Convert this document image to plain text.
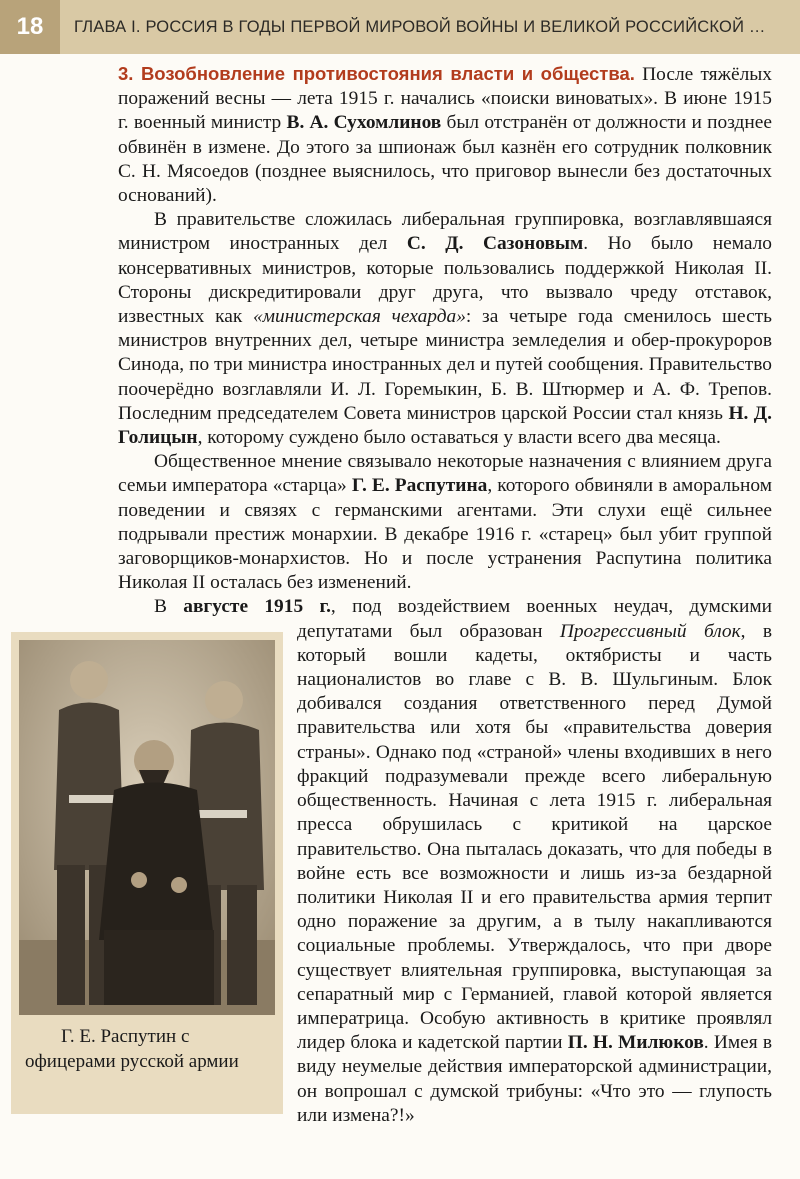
18	ГЛАВА I. РОССИЯ В ГОДЫ ПЕРВОЙ МИРОВОЙ ВОЙНЫ И ВЕЛИКОЙ РОССИЙСКОЙ …

3. Возобновление противостояния власти и общества. После тяжёлых поражений весны — лета 1915 г. начались «поиски виноватых». В июне 1915 г. военный министр В. А. Сухомлинов был отстранён от должности и позднее обвинён в измене. До этого за шпионаж был казнён его сотрудник полковник С. Н. Мясоедов (позднее выяснилось, что приговор вынесли без достаточных оснований).

В правительстве сложилась либеральная группировка, возглавлявшаяся министром иностранных дел С. Д. Сазоновым. Но было немало консервативных министров, которые пользовались поддержкой Николая II. Стороны дискредитировали друг друга, что вызвало чреду отставок, известных как «министерская чехарда»: за четыре года сменилось шесть министров внутренних дел, четыре министра земледелия и обер-прокуроров Синода, по три министра иностранных дел и путей сообщения. Правительство поочерёдно возглавляли И. Л. Горемыкин, Б. В. Штюрмер и А. Ф. Трепов. Последним председателем Совета министров царской России стал князь Н. Д. Голицын, которому суждено было оставаться у власти всего два месяца.

Общественное мнение связывало некоторые назначения с влиянием друга семьи императора «старца» Г. Е. Распутина, которого обвиняли в аморальном поведении и связях с германскими агентами. Эти слухи ещё сильнее подрывали престиж монархии. В декабре 1916 г. «старец» был убит группой заговорщиков-монархистов. Но и после устранения Распутина политика Николая II осталась без изменений.

В августе 1915 г., под воздействием военных неудач, думскими депутатами был образован
Г. Е. Распутин с офицерами русской армии
Прогрессивный блок, в который вошли кадеты, октябристы и часть националистов во главе с В. В. Шульгиным. Блок добивался создания ответственного перед Думой правительства или хотя бы «правительства доверия страны». Однако под «страной» члены входивших в него фракций подразумевали прежде всего либеральную общественность. Начиная с лета 1915 г. либеральная пресса обрушилась с критикой на царское правительство. Она пыталась доказать, что для победы в войне есть все возможности и лишь из-за бездарной политики Николая II и его правительства армия терпит одно поражение за другим, а в тылу накапливаются социальные проблемы. Утверждалось, что при дворе существует влиятельная группировка, выступающая за сепаратный мир с Германией, главой которой является императрица. Особую активность в критике проявлял лидер блока и кадетской партии П. Н. Милюков. Имея в виду неумелые действия императорской администрации, он вопрошал с думской трибуны: «Что это — глупость или измена?!»
